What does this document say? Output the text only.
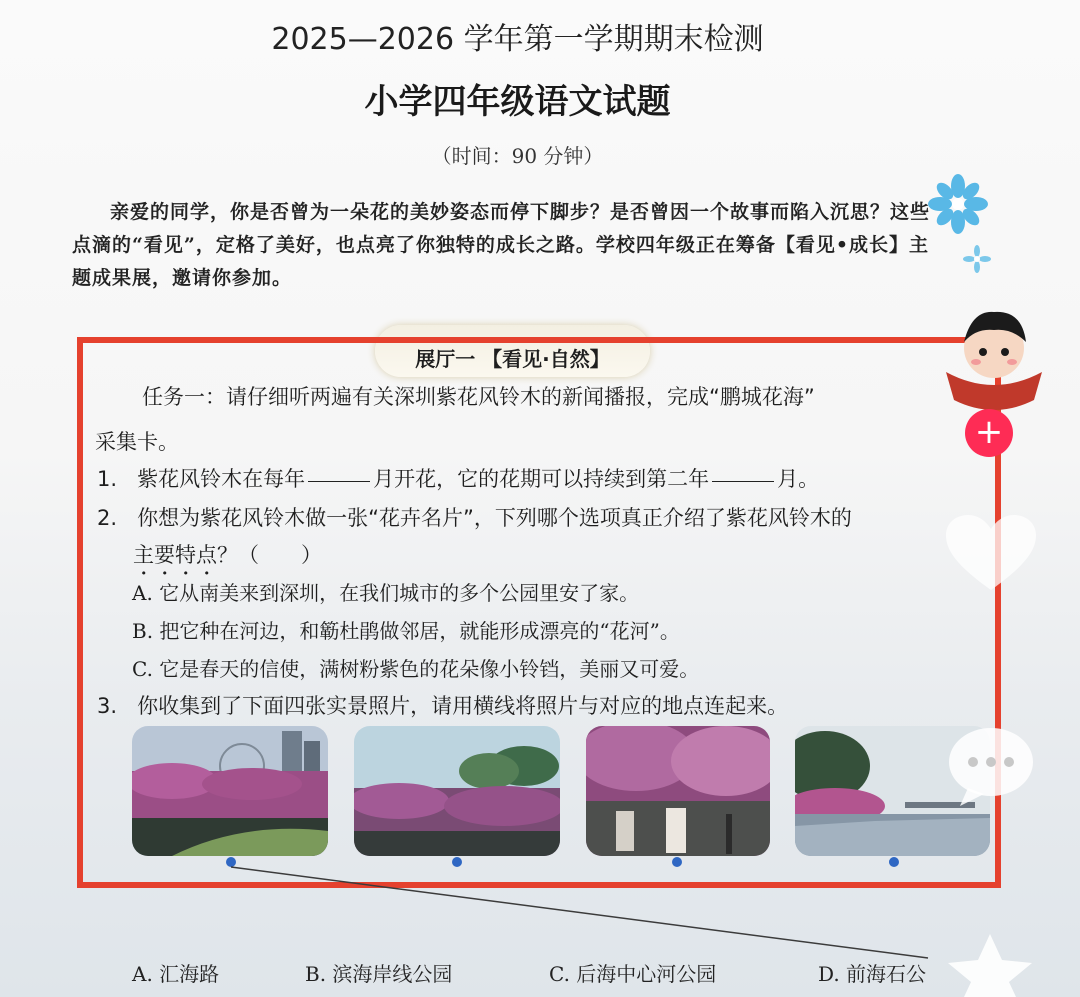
2025—2026 学年第一学期期末检测
小学四年级语文试题
（时间：90 分钟）
亲爱的同学，你是否曾为一朵花的美妙姿态而停下脚步？是否曾因一个故事而陷入沉思？这些点滴的“看见”，定格了美好，也点亮了你独特的成长之路。学校四年级正在筹备【看见•成长】主题成果展，邀请你参加。
展厅一 【看见·自然】
任务一：请仔细听两遍有关深圳紫花风铃木的新闻播报，完成“鹏城花海”
采集卡。
1. 紫花风铃木在每年	月开花，它的花期可以持续到第二年	月。
2. 你想为紫花风铃木做一张“花卉名片”，下列哪个选项真正介绍了紫花风铃木的
主要特点？（　　）
A. 它从南美来到深圳，在我们城市的多个公园里安了家。
B. 把它种在河边，和簕杜鹃做邻居，就能形成漂亮的“花河”。
C. 它是春天的信使，满树粉紫色的花朵像小铃铛，美丽又可爱。
3. 你收集到了下面四张实景照片，请用横线将照片与对应的地点连起来。
A. 汇海路	B. 滨海岸线公园	C. 后海中心河公园	D. 前海石公
+
